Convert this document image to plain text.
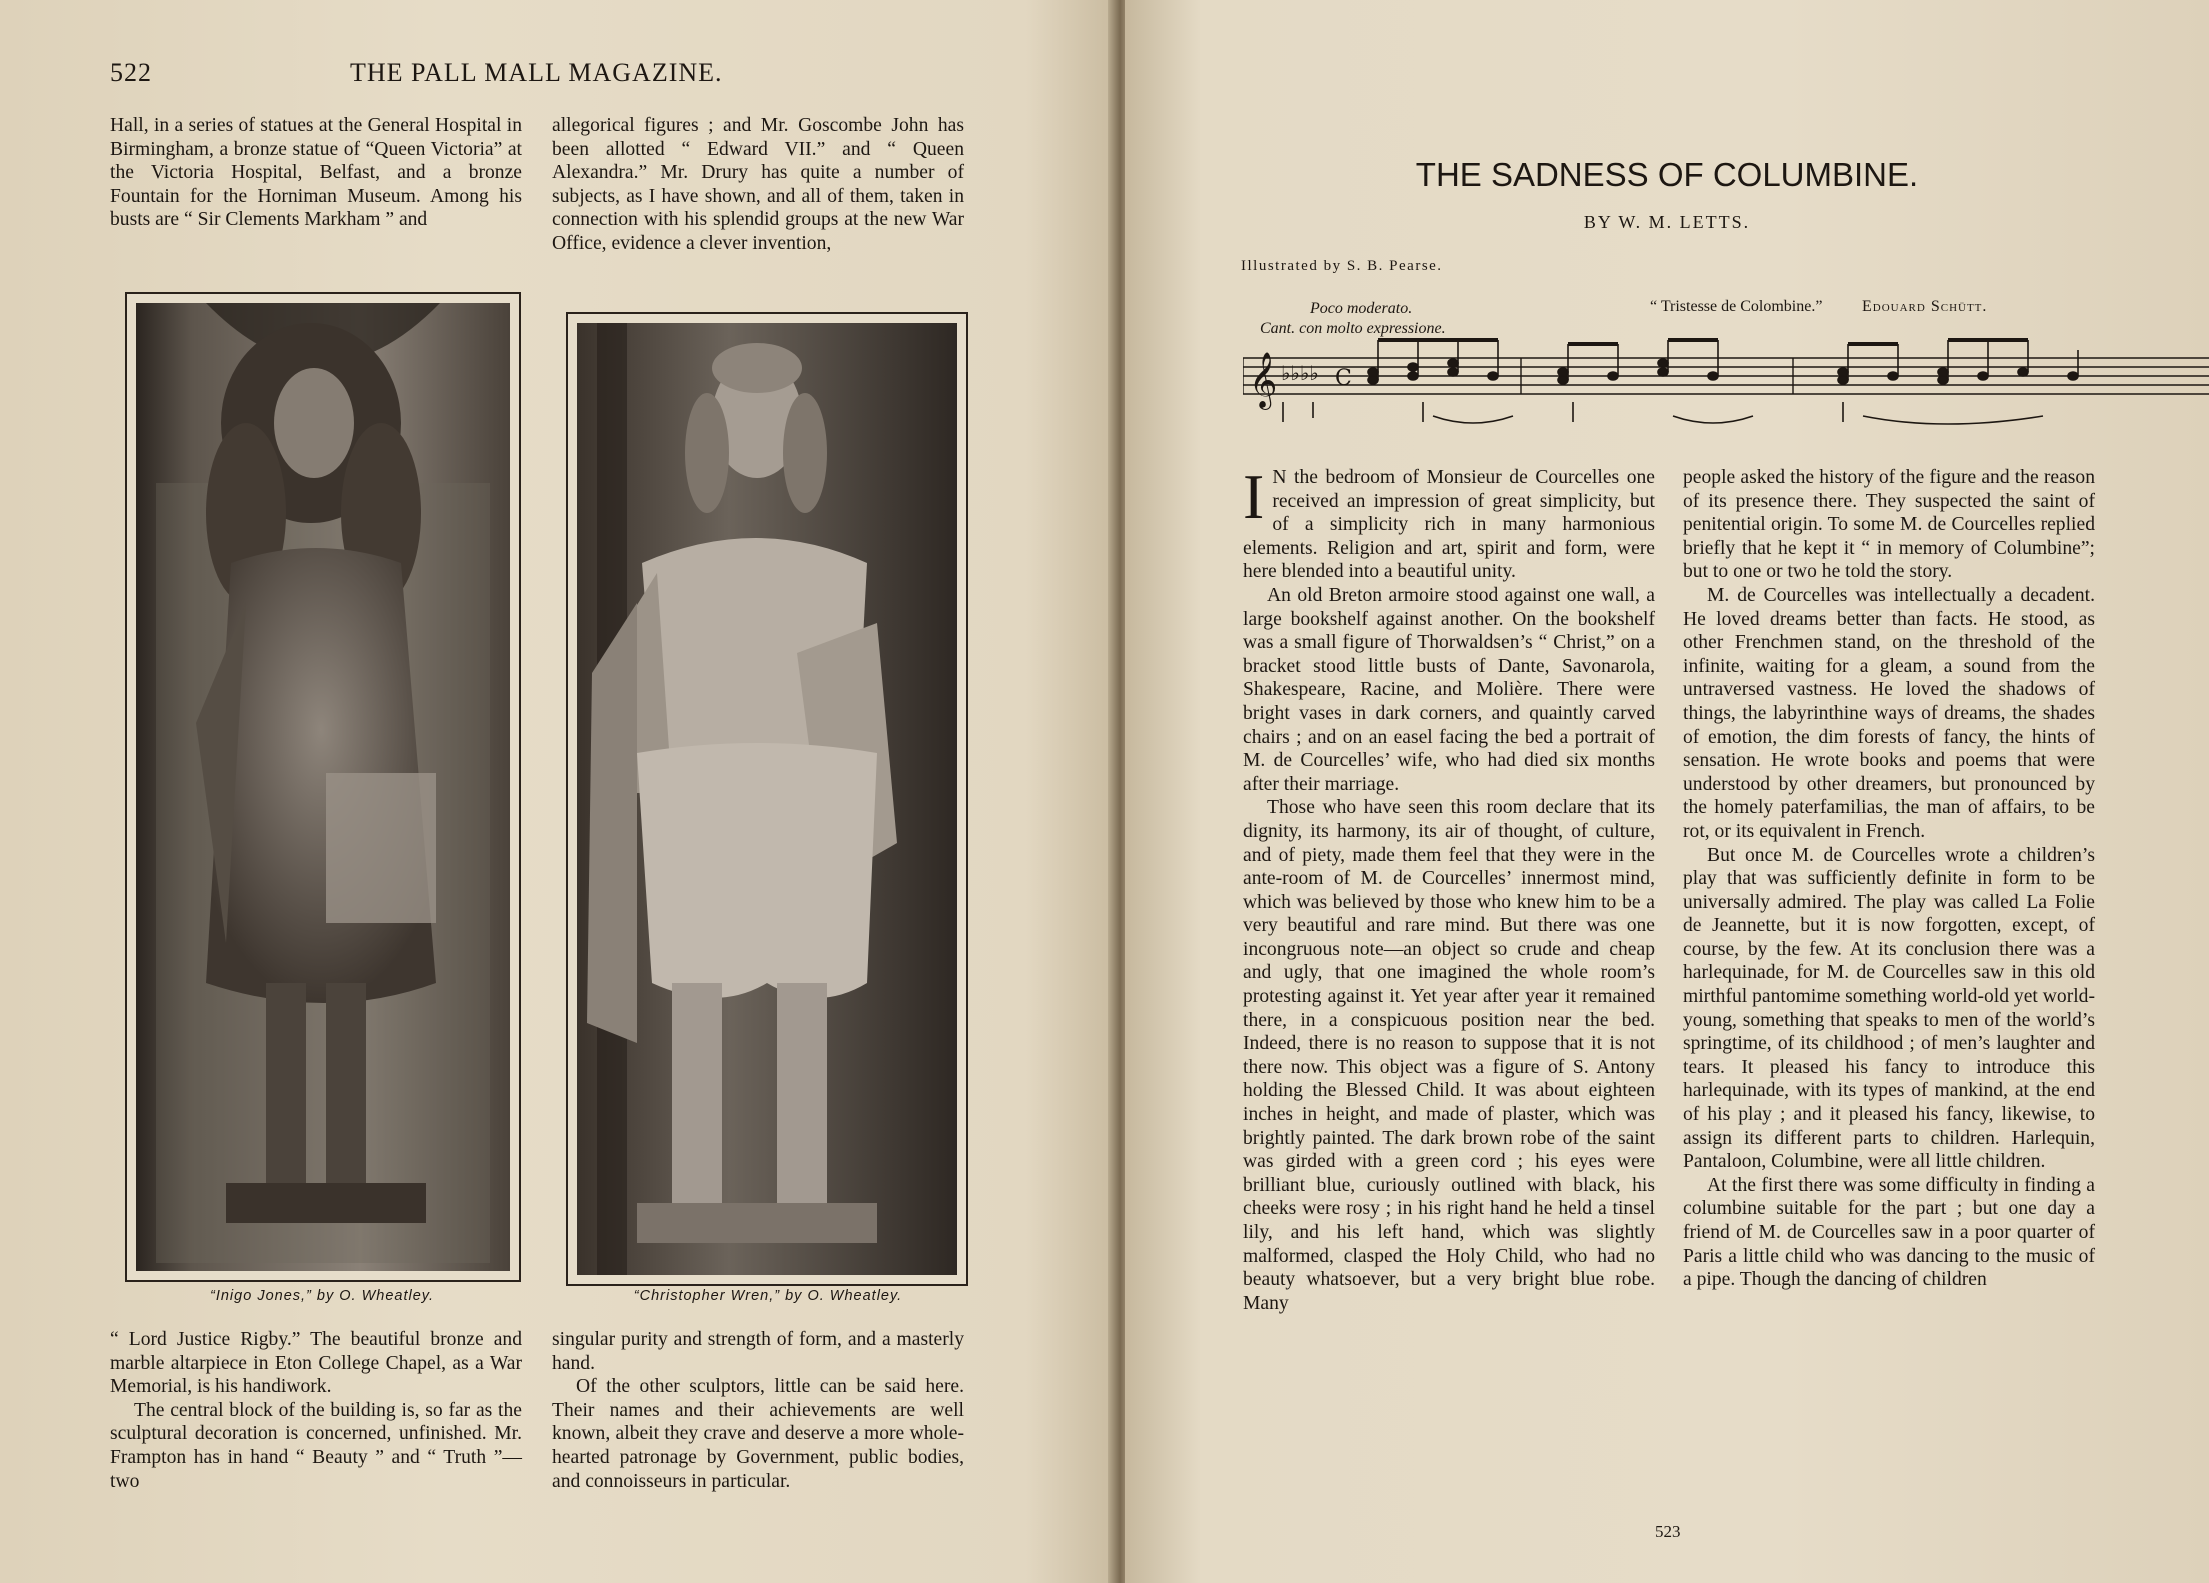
522	THE PALL MALL MAGAZINE.

Hall, in a series of statues at the General Hospital in Birmingham, a bronze statue of “Queen Victoria” at the Victoria Hospital, Belfast, and a bronze Fountain for the Horniman Museum. Among his busts are “ Sir Clements Markham ” and

allegorical figures ; and Mr. Goscombe John has been allotted “ Edward VII.” and “ Queen Alexandra.” Mr. Drury has quite a number of subjects, as I have shown, and all of them, taken in connection with his splendid groups at the new War Office, evidence a clever invention,

“Inigo Jones,” by O. Wheatley.	“Christopher Wren,” by O. Wheatley.

“ Lord Justice Rigby.” The beautiful bronze and marble altarpiece in Eton College Chapel, as a War Memorial, is his handiwork.

The central block of the building is, so far as the sculptural decoration is concerned, unfinished. Mr. Frampton has in hand “ Beauty ” and “ Truth ”—two

singular purity and strength of form, and a masterly hand.

Of the other sculptors, little can be said here. Their names and their achievements are well known, albeit they crave and deserve a more whole-hearted patronage by Government, public bodies, and connoisseurs in particular.

THE SADNESS OF COLUMBINE.
BY W. M. LETTS.
Illustrated by S. B. Pearse.
Poco moderato.
Cant. con molto expressione.
“ Tristesse de Colombine.” Edouard Schütt.
𝄞 ♭♭♭♭ C

I N the bedroom of Monsieur de Courcelles one received an impression of great simplicity, but of a simplicity rich in many harmonious elements. Religion and art, spirit and form, were here blended into a beautiful unity.

An old Breton armoire stood against one wall, a large bookshelf against another. On the bookshelf was a small figure of Thorwaldsen’s “ Christ,” on a bracket stood little busts of Dante, Savonarola, Shakespeare, Racine, and Molière. There were bright vases in dark corners, and quaintly carved chairs ; and on an easel facing the bed a portrait of M. de Courcelles’ wife, who had died six months after their marriage.

Those who have seen this room declare that its dignity, its harmony, its air of thought, of culture, and of piety, made them feel that they were in the ante-room of M. de Courcelles’ innermost mind, which was believed by those who knew him to be a very beautiful and rare mind. But there was one incongruous note—an object so crude and cheap and ugly, that one imagined the whole room’s protesting against it. Yet year after year it remained there, in a conspicuous position near the bed. Indeed, there is no reason to suppose that it is not there now. This object was a figure of S. Antony holding the Blessed Child. It was about eighteen inches in height, and made of plaster, which was brightly painted. The dark brown robe of the saint was girded with a green cord ; his eyes were brilliant blue, curiously outlined with black, his cheeks were rosy ; in his right hand he held a tinsel lily, and his left hand, which was slightly malformed, clasped the Holy Child, who had no beauty whatsoever, but a very bright blue robe. Many

people asked the history of the figure and the reason of its presence there. They suspected the saint of penitential origin. To some M. de Courcelles replied briefly that he kept it “ in memory of Columbine”; but to one or two he told the story.

M. de Courcelles was intellectually a decadent. He loved dreams better than facts. He stood, as other Frenchmen stand, on the threshold of the infinite, waiting for a gleam, a sound from the untraversed vastness. He loved the shadows of things, the labyrinthine ways of dreams, the shades of emotion, the dim forests of fancy, the hints of sensation. He wrote books and poems that were understood by other dreamers, but pronounced by the homely paterfamilias, the man of affairs, to be rot, or its equivalent in French.

But once M. de Courcelles wrote a children’s play that was sufficiently definite in form to be universally admired. The play was called La Folie de Jeannette, but it is now forgotten, except, of course, by the few. At its conclusion there was a harlequinade, for M. de Courcelles saw in this old mirthful pantomime something world-old yet world-young, something that speaks to men of the world’s springtime, of its childhood ; of men’s laughter and tears. It pleased his fancy to introduce this harlequinade, with its types of mankind, at the end of his play ; and it pleased his fancy, likewise, to assign its different parts to children. Harlequin, Pantaloon, Columbine, were all little children.

At the first there was some difficulty in finding a columbine suitable for the part ; but one day a friend of M. de Courcelles saw in a poor quarter of Paris a little child who was dancing to the music of a pipe. Though the dancing of children

523
